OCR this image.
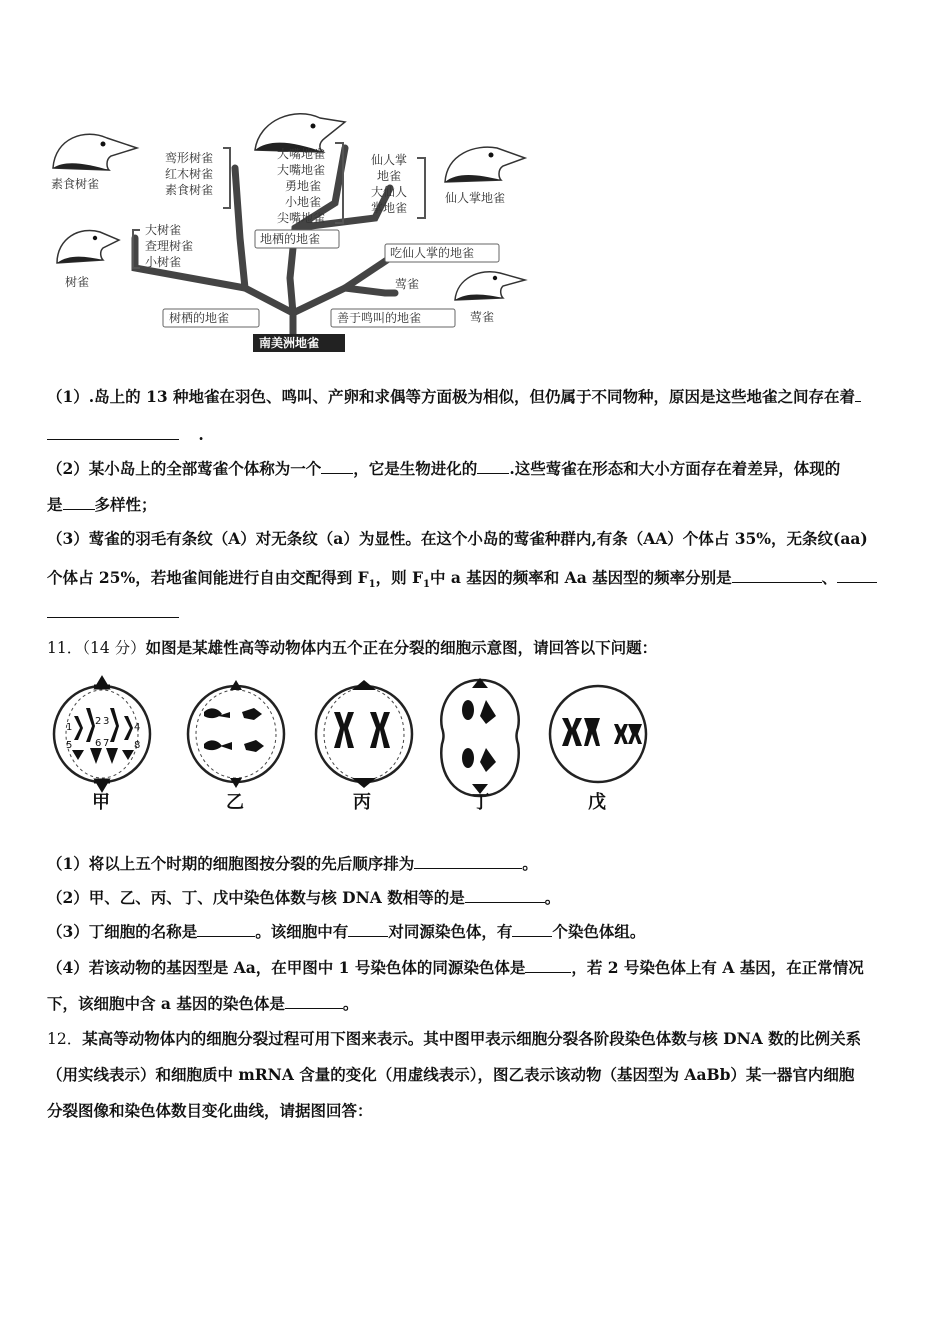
素食树雀
树雀
仙人掌地雀
莺雀
莺雀
鸾形树雀
红木树雀
素食树雀
大树雀
查理树雀
小树雀
大嘴地雀
大嘴地雀
勇地雀
小地雀
尖嘴地雀
仙人掌
地雀
大仙人
掌地雀
地栖的地雀
吃仙人掌的地雀
树栖的地雀	善于鸣叫的地雀
南美洲地雀
（1）.岛上的 13 种地雀在羽色、鸣叫、产卵和求偶等方面极为相似，但仍属于不同物种，原因是这些地雀之间存在着
.
（2）某小岛上的全部莺雀个体称为一个 ，它是生物进化的 .这些莺雀在形态和大小方面存在着差异，体现的
是 多样性；
（3）莺雀的羽毛有条纹（A）对无条纹（a）为显性。在这个小岛的莺雀种群内,有条（AA）个体占 35%，无条纹(aa)
个体占 25%，若地雀间能进行自由交配得到 $F_1$，则 $F_1$中 a 基因的频率和 Aa 基因型的频率分别是	、
11．（14 分）如图是某雄性高等动物体内五个正在分裂的细胞示意图，请回答以下问题：
1
5
2
6
3
7
4
8
甲	乙	丙	丁	戊
（1）将以上五个时期的细胞图按分裂的先后顺序排为	。
（2）甲、乙、丙、丁、戊中染色体数与核 DNA 数相等的是	。
（3）丁细胞的名称是	。该细胞中有	对同源染色体，有	个染色体组。
（4）若该动物的基因型是 Aa，在甲图中 1 号染色体的同源染色体是	，若 2 号染色体上有 A 基因，在正常情况
下，该细胞中含 a 基因的染色体是	。
12．某高等动物体内的细胞分裂过程可用下图来表示。其中图甲表示细胞分裂各阶段染色体数与核 DNA 数的比例关系
（用实线表示）和细胞质中 mRNA 含量的变化（用虚线表示），图乙表示该动物（基因型为 AaBb）某一器官内细胞
分裂图像和染色体数目变化曲线，请据图回答：
